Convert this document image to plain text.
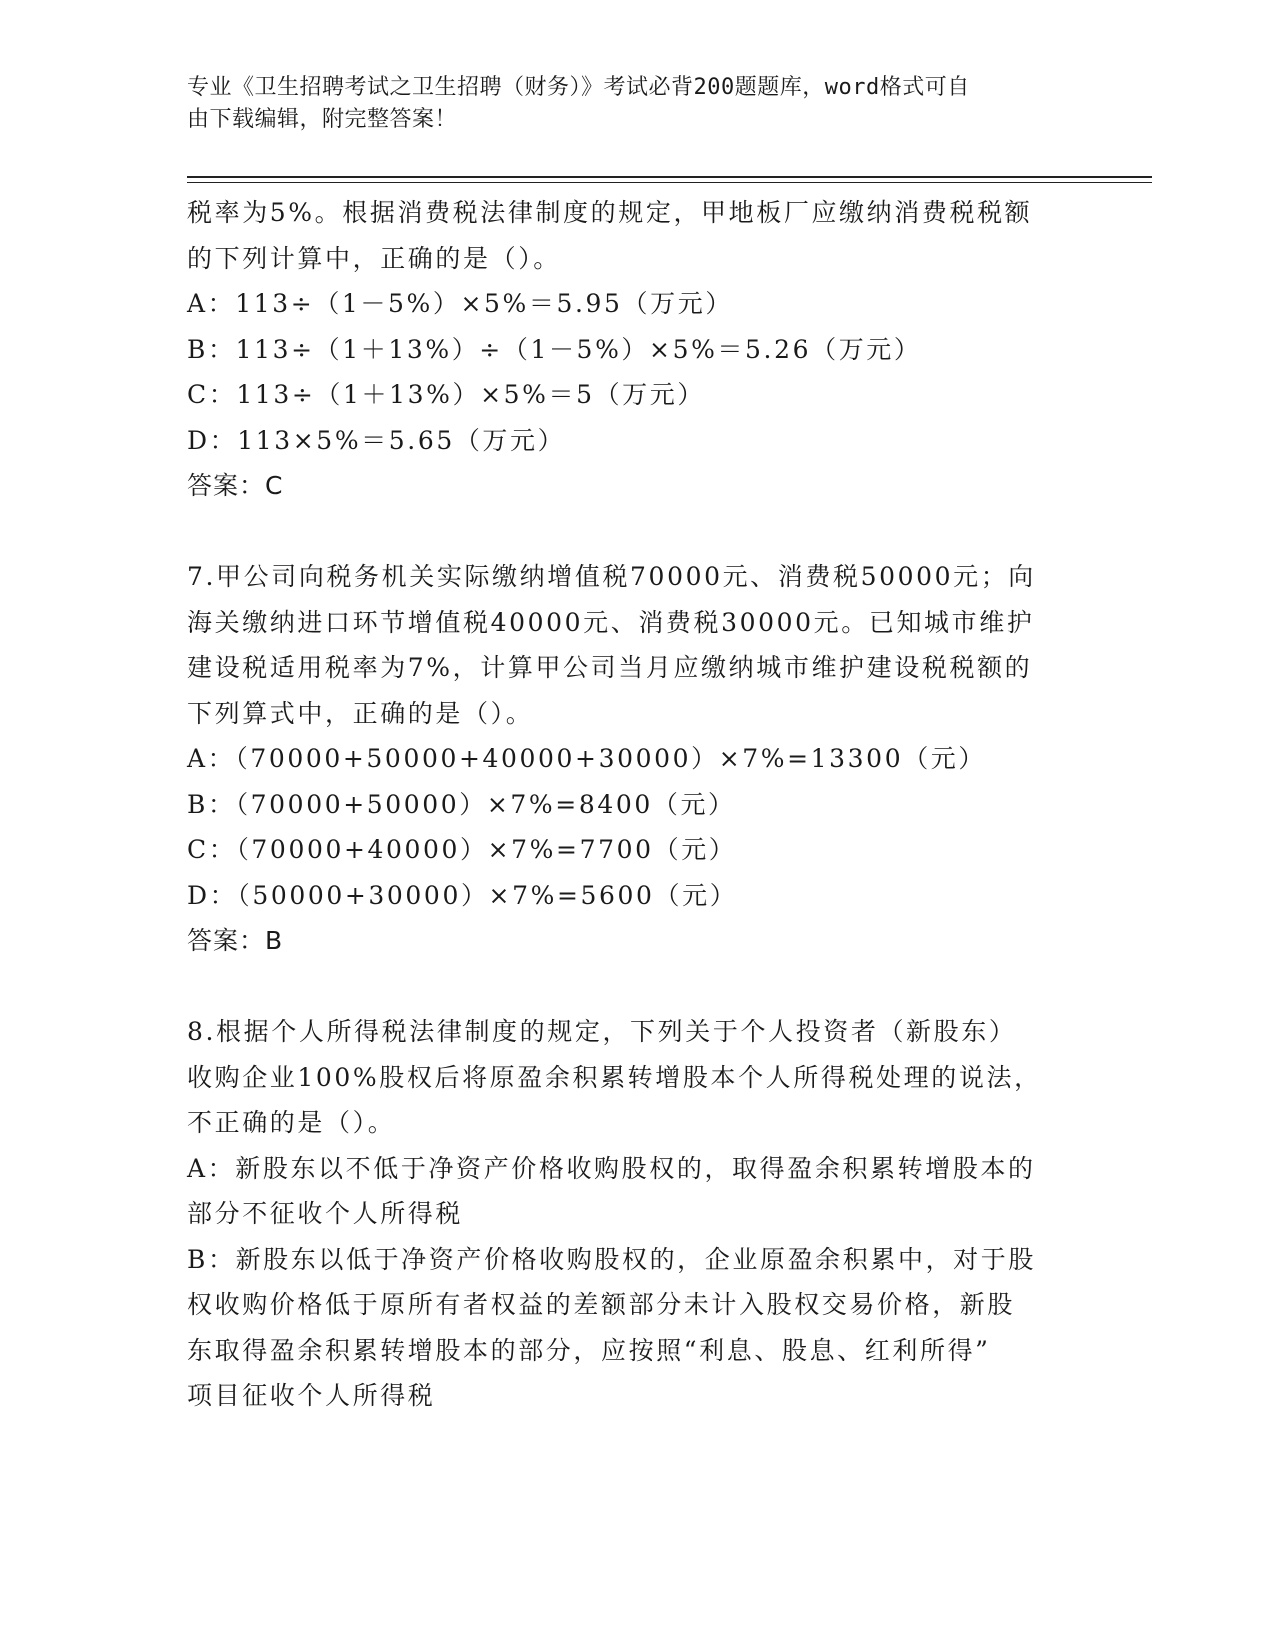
专业《卫生招聘考试之卫生招聘（财务）》考试必背200题题库，word格式可自
由下载编辑，附完整答案！
税率为5%。根据消费税法律制度的规定，甲地板厂应缴纳消费税税额
的下列计算中，正确的是（）。
A：113÷（1－5%）×5%＝5.95（万元）
B：113÷（1＋13%）÷（1－5%）×5%＝5.26（万元）
C：113÷（1＋13%）×5%＝5（万元）
D：113×5%＝5.65（万元）
答案：C
7.甲公司向税务机关实际缴纳增值税70000元、消费税50000元；向
海关缴纳进口环节增值税40000元、消费税30000元。已知城市维护
建设税适用税率为7%，计算甲公司当月应缴纳城市维护建设税税额的
下列算式中，正确的是（）。
A：（70000+50000+40000+30000）×7%=13300（元）
B：（70000+50000）×7%=8400（元）
C：（70000+40000）×7%=7700（元）
D：（50000+30000）×7%=5600（元）
答案：B
8.根据个人所得税法律制度的规定，下列关于个人投资者（新股东）
收购企业100%股权后将原盈余积累转增股本个人所得税处理的说法，
不正确的是（）。
A：新股东以不低于净资产价格收购股权的，取得盈余积累转增股本的
部分不征收个人所得税
B：新股东以低于净资产价格收购股权的，企业原盈余积累中，对于股
权收购价格低于原所有者权益的差额部分未计入股权交易价格，新股
东取得盈余积累转增股本的部分，应按照“利息、股息、红利所得”
项目征收个人所得税
